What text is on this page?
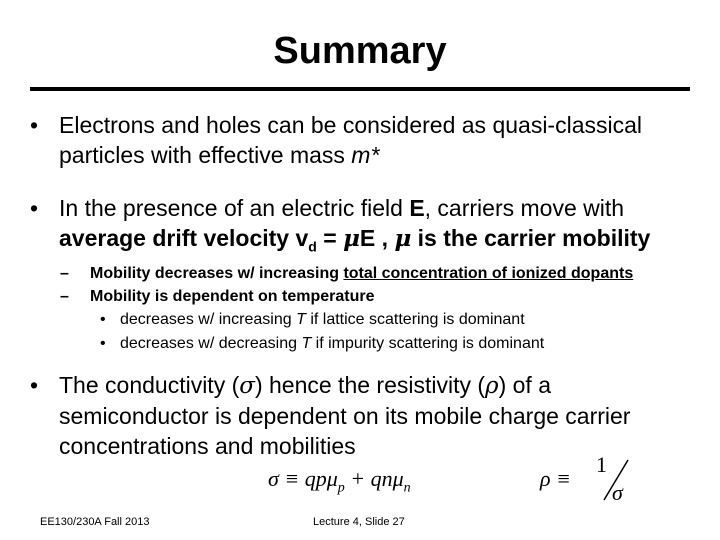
Summary
• Electrons and holes can be considered as quasi-classical
particles with effective mass m*
• In the presence of an electric field E, carriers move with
average drift velocity $v_d = \mu E$ , μ is the carrier mobility
– Mobility decreases w/ increasing total concentration of ionized dopants
– Mobility is dependent on temperature
• decreases w/ increasing T if lattice scattering is dominant
• decreases w/ decreasing T if impurity scattering is dominant
• The conductivity (σ) hence the resistivity (ρ) of a
semiconductor is dependent on its mobile charge carrier
concentrations and mobilities
σ ≡ qpμ$_p$ + qnμ$_n$	ρ ≡
1
σ
EE130/230A Fall 2013	Lecture 4, Slide 27
